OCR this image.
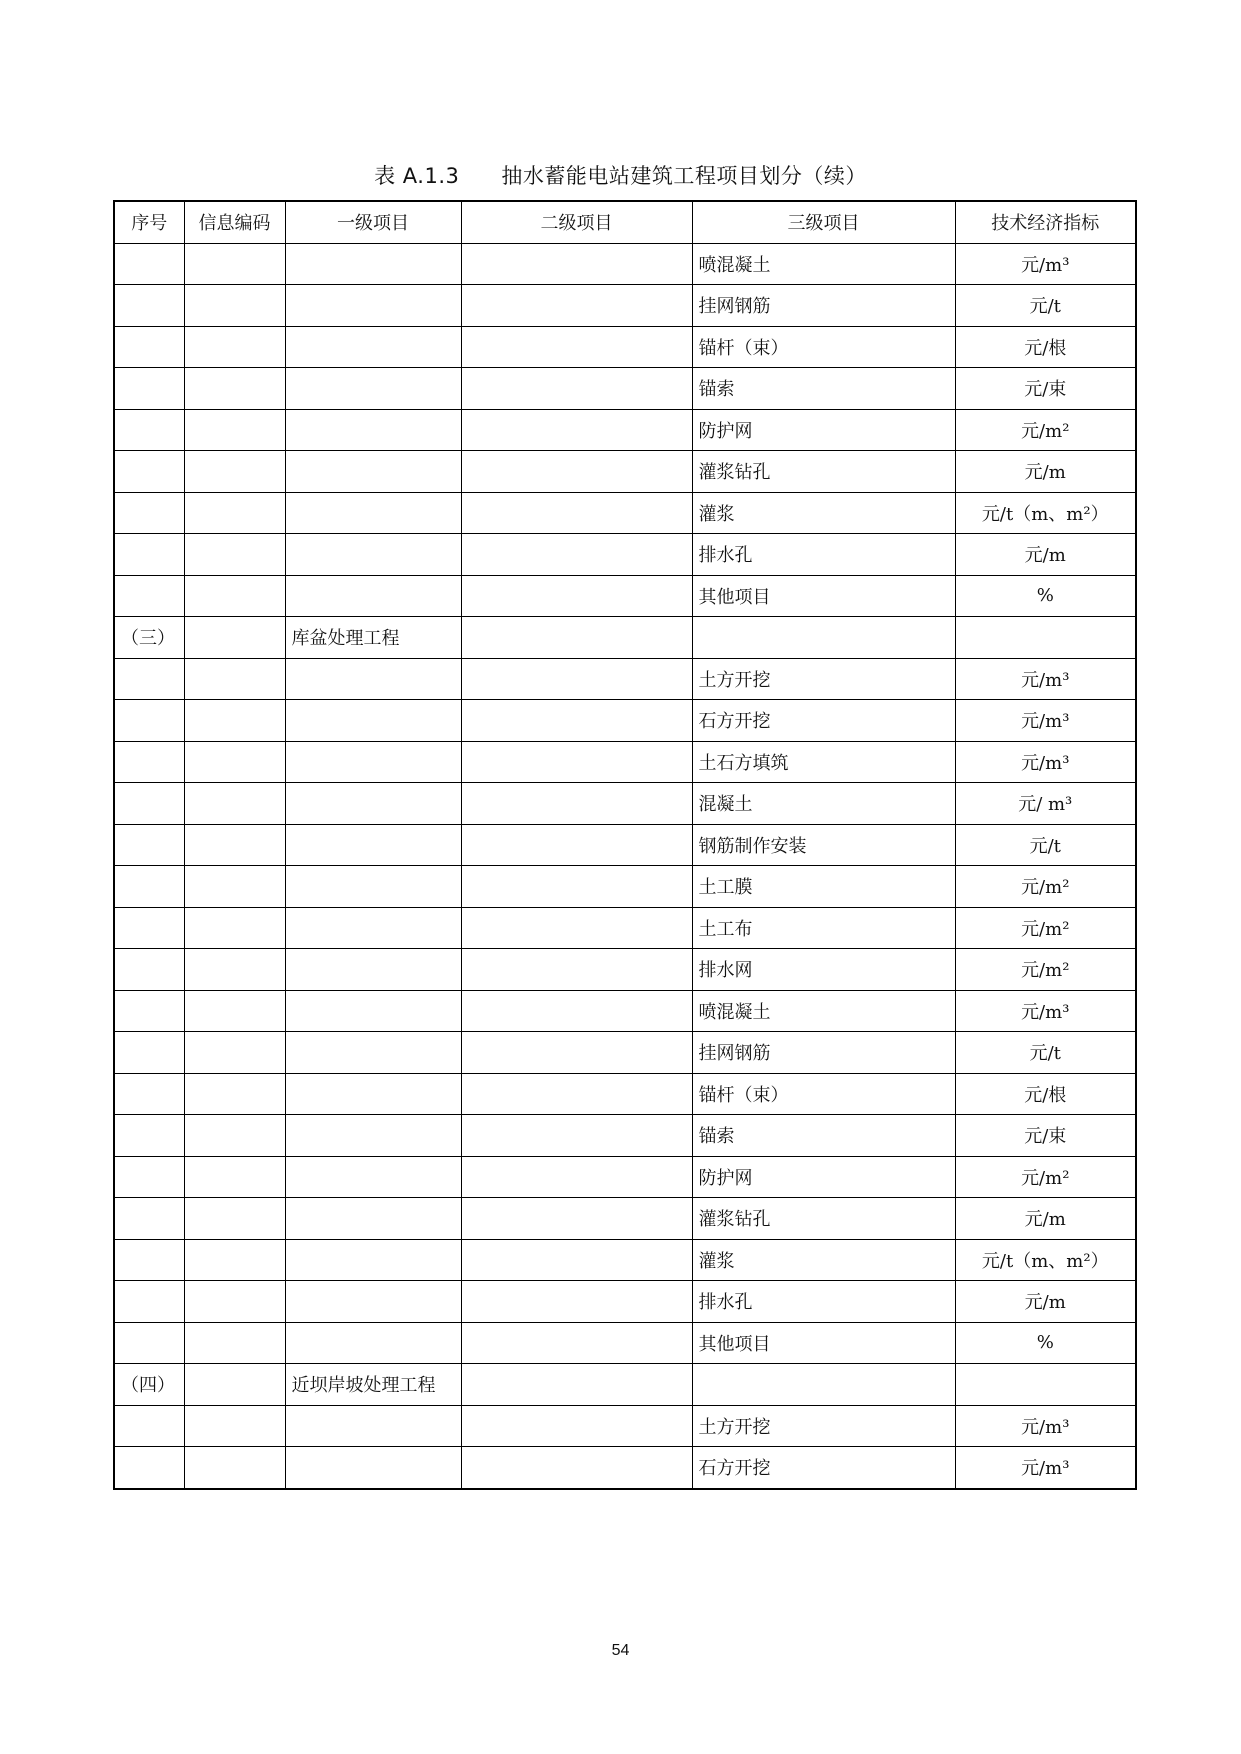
表 A.1.3 抽水蓄能电站建筑工程项目划分（续）
序号	信息编码	一级项目	二级项目	三级项目	技术经济指标
				喷混凝土	元/m³
				挂网钢筋	元/t
				锚杆（束）	元/根
				锚索	元/束
				防护网	元/m²
				灌浆钻孔	元/m
				灌浆	元/t（m、m²）
				排水孔	元/m
				其他项目	%
（三）		库盆处理工程			
				土方开挖	元/m³
				石方开挖	元/m³
				土石方填筑	元/m³
				混凝土	元/ m³
				钢筋制作安装	元/t
				土工膜	元/m²
				土工布	元/m²
				排水网	元/m²
				喷混凝土	元/m³
				挂网钢筋	元/t
				锚杆（束）	元/根
				锚索	元/束
				防护网	元/m²
				灌浆钻孔	元/m
				灌浆	元/t（m、m²）
				排水孔	元/m
				其他项目	%
（四）		近坝岸坡处理工程			
				土方开挖	元/m³
				石方开挖	元/m³
54
